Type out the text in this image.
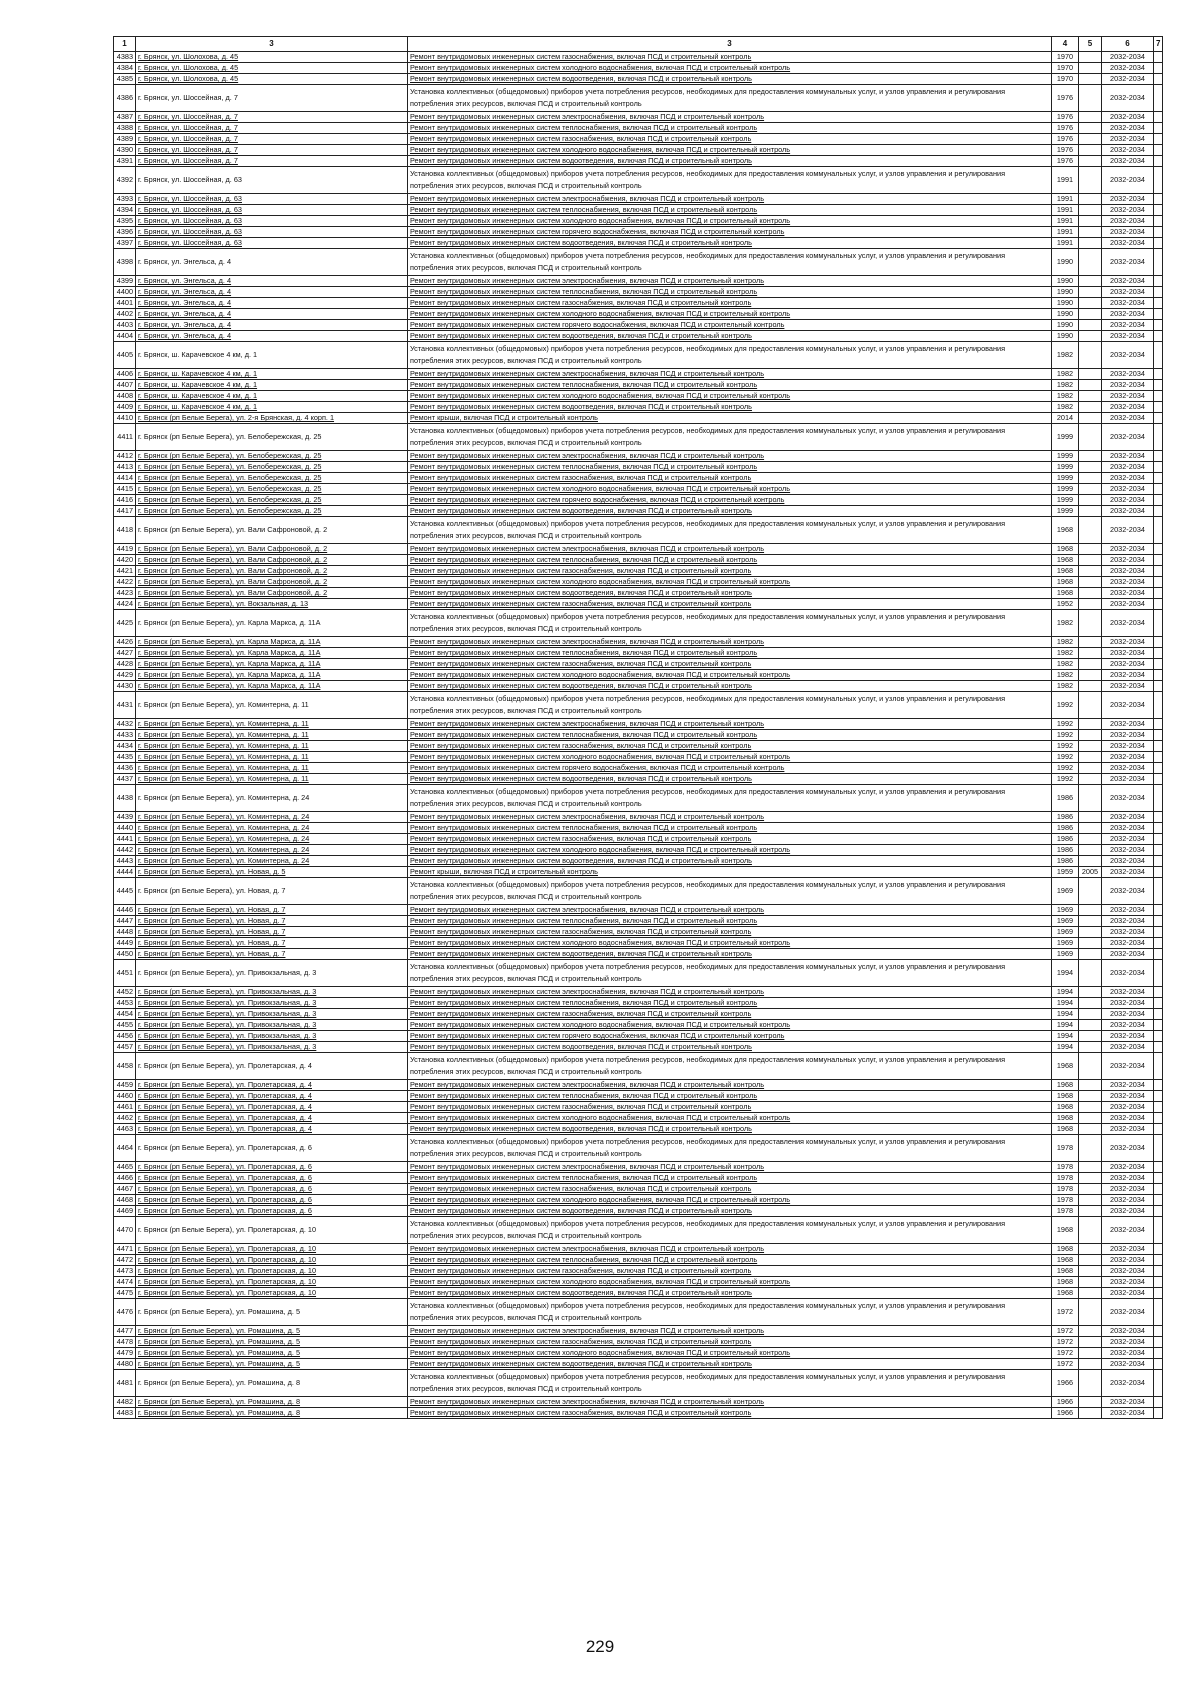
1	3	3	4	5	6	7
4383	г. Брянск, ул. Шолохова, д. 45	Ремонт внутридомовых инженерных систем газоснабжения, включая ПСД и строительный контроль	1970		2032-2034	
4384	г. Брянск, ул. Шолохова, д. 45	Ремонт внутридомовых инженерных систем холодного водоснабжения, включая ПСД и строительный контроль	1970		2032-2034	
4385	г. Брянск, ул. Шолохова, д. 45	Ремонт внутридомовых инженерных систем водоотведения, включая ПСД и строительный контроль	1970		2032-2034	
4386	г. Брянск, ул. Шоссейная, д. 7	Установка коллективных (общедомовых) приборов учета потребления ресурсов, необходимых для предоставления коммунальных услуг, и узлов управления и регулирования потребления этих ресурсов, включая ПСД и строительный контроль	1976		2032-2034	
4387	г. Брянск, ул. Шоссейная, д. 7	Ремонт внутридомовых инженерных систем электроснабжения, включая ПСД и строительный контроль	1976		2032-2034	
4388	г. Брянск, ул. Шоссейная, д. 7	Ремонт внутридомовых инженерных систем теплоснабжения, включая ПСД и строительный контроль	1976		2032-2034	
4389	г. Брянск, ул. Шоссейная, д. 7	Ремонт внутридомовых инженерных систем газоснабжения, включая ПСД и строительный контроль	1976		2032-2034	
4390	г. Брянск, ул. Шоссейная, д. 7	Ремонт внутридомовых инженерных систем холодного водоснабжения, включая ПСД и строительный контроль	1976		2032-2034	
4391	г. Брянск, ул. Шоссейная, д. 7	Ремонт внутридомовых инженерных систем водоотведения, включая ПСД и строительный контроль	1976		2032-2034	
4392	г. Брянск, ул. Шоссейная, д. 63	Установка коллективных (общедомовых) приборов учета потребления ресурсов, необходимых для предоставления коммунальных услуг, и узлов управления и регулирования потребления этих ресурсов, включая ПСД и строительный контроль	1991		2032-2034	
4393	г. Брянск, ул. Шоссейная, д. 63	Ремонт внутридомовых инженерных систем электроснабжения, включая ПСД и строительный контроль	1991		2032-2034	
4394	г. Брянск, ул. Шоссейная, д. 63	Ремонт внутридомовых инженерных систем теплоснабжения, включая ПСД и строительный контроль	1991		2032-2034	
4395	г. Брянск, ул. Шоссейная, д. 63	Ремонт внутридомовых инженерных систем холодного водоснабжения, включая ПСД и строительный контроль	1991		2032-2034	
4396	г. Брянск, ул. Шоссейная, д. 63	Ремонт внутридомовых инженерных систем горячего водоснабжения, включая ПСД и строительный контроль	1991		2032-2034	
4397	г. Брянск, ул. Шоссейная, д. 63	Ремонт внутридомовых инженерных систем водоотведения, включая ПСД и строительный контроль	1991		2032-2034	
4398	г. Брянск, ул. Энгельса, д. 4	Установка коллективных (общедомовых) приборов учета потребления ресурсов, необходимых для предоставления коммунальных услуг, и узлов управления и регулирования потребления этих ресурсов, включая ПСД и строительный контроль	1990		2032-2034	
4399	г. Брянск, ул. Энгельса, д. 4	Ремонт внутридомовых инженерных систем электроснабжения, включая ПСД и строительный контроль	1990		2032-2034	
4400	г. Брянск, ул. Энгельса, д. 4	Ремонт внутридомовых инженерных систем теплоснабжения, включая ПСД и строительный контроль	1990		2032-2034	
4401	г. Брянск, ул. Энгельса, д. 4	Ремонт внутридомовых инженерных систем газоснабжения, включая ПСД и строительный контроль	1990		2032-2034	
4402	г. Брянск, ул. Энгельса, д. 4	Ремонт внутридомовых инженерных систем холодного водоснабжения, включая ПСД и строительный контроль	1990		2032-2034	
4403	г. Брянск, ул. Энгельса, д. 4	Ремонт внутридомовых инженерных систем горячего водоснабжения, включая ПСД и строительный контроль	1990		2032-2034	
4404	г. Брянск, ул. Энгельса, д. 4	Ремонт внутридомовых инженерных систем водоотведения, включая ПСД и строительный контроль	1990		2032-2034	
4405	г. Брянск, ш. Карачевское 4 км, д. 1	Установка коллективных (общедомовых) приборов учета потребления ресурсов, необходимых для предоставления коммунальных услуг, и узлов управления и регулирования потребления этих ресурсов, включая ПСД и строительный контроль	1982		2032-2034	
4406	г. Брянск, ш. Карачевское 4 км, д. 1	Ремонт внутридомовых инженерных систем электроснабжения, включая ПСД и строительный контроль	1982		2032-2034	
4407	г. Брянск, ш. Карачевское 4 км, д. 1	Ремонт внутридомовых инженерных систем теплоснабжения, включая ПСД и строительный контроль	1982		2032-2034	
4408	г. Брянск, ш. Карачевское 4 км, д. 1	Ремонт внутридомовых инженерных систем холодного водоснабжения, включая ПСД и строительный контроль	1982		2032-2034	
4409	г. Брянск, ш. Карачевское 4 км, д. 1	Ремонт внутридомовых инженерных систем водоотведения, включая ПСД и строительный контроль	1982		2032-2034	
4410	г. Брянск (рп Белые Берега), ул. 2-я Брянская, д. 4 корп. 1	Ремонт крыши, включая ПСД и строительный контроль	2014		2032-2034	
4411	г. Брянск (рп Белые Берега), ул. Белобережская, д. 25	Установка коллективных (общедомовых) приборов учета потребления ресурсов, необходимых для предоставления коммунальных услуг, и узлов управления и регулирования потребления этих ресурсов, включая ПСД и строительный контроль	1999		2032-2034	
4412	г. Брянск (рп Белые Берега), ул. Белобережская, д. 25	Ремонт внутридомовых инженерных систем электроснабжения, включая ПСД и строительный контроль	1999		2032-2034	
4413	г. Брянск (рп Белые Берега), ул. Белобережская, д. 25	Ремонт внутридомовых инженерных систем теплоснабжения, включая ПСД и строительный контроль	1999		2032-2034	
4414	г. Брянск (рп Белые Берега), ул. Белобережская, д. 25	Ремонт внутридомовых инженерных систем газоснабжения, включая ПСД и строительный контроль	1999		2032-2034	
4415	г. Брянск (рп Белые Берега), ул. Белобережская, д. 25	Ремонт внутридомовых инженерных систем холодного водоснабжения, включая ПСД и строительный контроль	1999		2032-2034	
4416	г. Брянск (рп Белые Берега), ул. Белобережская, д. 25	Ремонт внутридомовых инженерных систем горячего водоснабжения, включая ПСД и строительный контроль	1999		2032-2034	
4417	г. Брянск (рп Белые Берега), ул. Белобережская, д. 25	Ремонт внутридомовых инженерных систем водоотведения, включая ПСД и строительный контроль	1999		2032-2034	
4418	г. Брянск (рп Белые Берега), ул. Вали Сафроновой, д. 2	Установка коллективных (общедомовых) приборов учета потребления ресурсов, необходимых для предоставления коммунальных услуг, и узлов управления и регулирования потребления этих ресурсов, включая ПСД и строительный контроль	1968		2032-2034	
4419	г. Брянск (рп Белые Берега), ул. Вали Сафроновой, д. 2	Ремонт внутридомовых инженерных систем электроснабжения, включая ПСД и строительный контроль	1968		2032-2034	
4420	г. Брянск (рп Белые Берега), ул. Вали Сафроновой, д. 2	Ремонт внутридомовых инженерных систем теплоснабжения, включая ПСД и строительный контроль	1968		2032-2034	
4421	г. Брянск (рп Белые Берега), ул. Вали Сафроновой, д. 2	Ремонт внутридомовых инженерных систем газоснабжения, включая ПСД и строительный контроль	1968		2032-2034	
4422	г. Брянск (рп Белые Берега), ул. Вали Сафроновой, д. 2	Ремонт внутридомовых инженерных систем холодного водоснабжения, включая ПСД и строительный контроль	1968		2032-2034	
4423	г. Брянск (рп Белые Берега), ул. Вали Сафроновой, д. 2	Ремонт внутридомовых инженерных систем водоотведения, включая ПСД и строительный контроль	1968		2032-2034	
4424	г. Брянск (рп Белые Берега), ул. Вокзальная, д. 13	Ремонт внутридомовых инженерных систем газоснабжения, включая ПСД и строительный контроль	1952		2032-2034	
4425	г. Брянск (рп Белые Берега), ул. Карла Маркса, д. 11А	Установка коллективных (общедомовых) приборов учета потребления ресурсов, необходимых для предоставления коммунальных услуг, и узлов управления и регулирования потребления этих ресурсов, включая ПСД и строительный контроль	1982		2032-2034	
4426	г. Брянск (рп Белые Берега), ул. Карла Маркса, д. 11А	Ремонт внутридомовых инженерных систем электроснабжения, включая ПСД и строительный контроль	1982		2032-2034	
4427	г. Брянск (рп Белые Берега), ул. Карла Маркса, д. 11А	Ремонт внутридомовых инженерных систем теплоснабжения, включая ПСД и строительный контроль	1982		2032-2034	
4428	г. Брянск (рп Белые Берега), ул. Карла Маркса, д. 11А	Ремонт внутридомовых инженерных систем газоснабжения, включая ПСД и строительный контроль	1982		2032-2034	
4429	г. Брянск (рп Белые Берега), ул. Карла Маркса, д. 11А	Ремонт внутридомовых инженерных систем холодного водоснабжения, включая ПСД и строительный контроль	1982		2032-2034	
4430	г. Брянск (рп Белые Берега), ул. Карла Маркса, д. 11А	Ремонт внутридомовых инженерных систем водоотведения, включая ПСД и строительный контроль	1982		2032-2034	
4431	г. Брянск (рп Белые Берега), ул. Коминтерна, д. 11	Установка коллективных (общедомовых) приборов учета потребления ресурсов, необходимых для предоставления коммунальных услуг, и узлов управления и регулирования потребления этих ресурсов, включая ПСД и строительный контроль	1992		2032-2034	
4432	г. Брянск (рп Белые Берега), ул. Коминтерна, д. 11	Ремонт внутридомовых инженерных систем электроснабжения, включая ПСД и строительный контроль	1992		2032-2034	
4433	г. Брянск (рп Белые Берега), ул. Коминтерна, д. 11	Ремонт внутридомовых инженерных систем теплоснабжения, включая ПСД и строительный контроль	1992		2032-2034	
4434	г. Брянск (рп Белые Берега), ул. Коминтерна, д. 11	Ремонт внутридомовых инженерных систем газоснабжения, включая ПСД и строительный контроль	1992		2032-2034	
4435	г. Брянск (рп Белые Берега), ул. Коминтерна, д. 11	Ремонт внутридомовых инженерных систем холодного водоснабжения, включая ПСД и строительный контроль	1992		2032-2034	
4436	г. Брянск (рп Белые Берега), ул. Коминтерна, д. 11	Ремонт внутридомовых инженерных систем горячего водоснабжения, включая ПСД и строительный контроль	1992		2032-2034	
4437	г. Брянск (рп Белые Берега), ул. Коминтерна, д. 11	Ремонт внутридомовых инженерных систем водоотведения, включая ПСД и строительный контроль	1992		2032-2034	
4438	г. Брянск (рп Белые Берега), ул. Коминтерна, д. 24	Установка коллективных (общедомовых) приборов учета потребления ресурсов, необходимых для предоставления коммунальных услуг, и узлов управления и регулирования потребления этих ресурсов, включая ПСД и строительный контроль	1986		2032-2034	
4439	г. Брянск (рп Белые Берега), ул. Коминтерна, д. 24	Ремонт внутридомовых инженерных систем электроснабжения, включая ПСД и строительный контроль	1986		2032-2034	
4440	г. Брянск (рп Белые Берега), ул. Коминтерна, д. 24	Ремонт внутридомовых инженерных систем теплоснабжения, включая ПСД и строительный контроль	1986		2032-2034	
4441	г. Брянск (рп Белые Берега), ул. Коминтерна, д. 24	Ремонт внутридомовых инженерных систем газоснабжения, включая ПСД и строительный контроль	1986		2032-2034	
4442	г. Брянск (рп Белые Берега), ул. Коминтерна, д. 24	Ремонт внутридомовых инженерных систем холодного водоснабжения, включая ПСД и строительный контроль	1986		2032-2034	
4443	г. Брянск (рп Белые Берега), ул. Коминтерна, д. 24	Ремонт внутридомовых инженерных систем водоотведения, включая ПСД и строительный контроль	1986		2032-2034	
4444	г. Брянск (рп Белые Берега), ул. Новая, д. 5	Ремонт крыши, включая ПСД и строительный контроль	1959	2005	2032-2034	
4445	г. Брянск (рп Белые Берега), ул. Новая, д. 7	Установка коллективных (общедомовых) приборов учета потребления ресурсов, необходимых для предоставления коммунальных услуг, и узлов управления и регулирования потребления этих ресурсов, включая ПСД и строительный контроль	1969		2032-2034	
4446	г. Брянск (рп Белые Берега), ул. Новая, д. 7	Ремонт внутридомовых инженерных систем электроснабжения, включая ПСД и строительный контроль	1969		2032-2034	
4447	г. Брянск (рп Белые Берега), ул. Новая, д. 7	Ремонт внутридомовых инженерных систем теплоснабжения, включая ПСД и строительный контроль	1969		2032-2034	
4448	г. Брянск (рп Белые Берега), ул. Новая, д. 7	Ремонт внутридомовых инженерных систем газоснабжения, включая ПСД и строительный контроль	1969		2032-2034	
4449	г. Брянск (рп Белые Берега), ул. Новая, д. 7	Ремонт внутридомовых инженерных систем холодного водоснабжения, включая ПСД и строительный контроль	1969		2032-2034	
4450	г. Брянск (рп Белые Берега), ул. Новая, д. 7	Ремонт внутридомовых инженерных систем водоотведения, включая ПСД и строительный контроль	1969		2032-2034	
4451	г. Брянск (рп Белые Берега), ул. Привокзальная, д. 3	Установка коллективных (общедомовых) приборов учета потребления ресурсов, необходимых для предоставления коммунальных услуг, и узлов управления и регулирования потребления этих ресурсов, включая ПСД и строительный контроль	1994		2032-2034	
4452	г. Брянск (рп Белые Берега), ул. Привокзальная, д. 3	Ремонт внутридомовых инженерных систем электроснабжения, включая ПСД и строительный контроль	1994		2032-2034	
4453	г. Брянск (рп Белые Берега), ул. Привокзальная, д. 3	Ремонт внутридомовых инженерных систем теплоснабжения, включая ПСД и строительный контроль	1994		2032-2034	
4454	г. Брянск (рп Белые Берега), ул. Привокзальная, д. 3	Ремонт внутридомовых инженерных систем газоснабжения, включая ПСД и строительный контроль	1994		2032-2034	
4455	г. Брянск (рп Белые Берега), ул. Привокзальная, д. 3	Ремонт внутридомовых инженерных систем холодного водоснабжения, включая ПСД и строительный контроль	1994		2032-2034	
4456	г. Брянск (рп Белые Берега), ул. Привокзальная, д. 3	Ремонт внутридомовых инженерных систем горячего водоснабжения, включая ПСД и строительный контроль	1994		2032-2034	
4457	г. Брянск (рп Белые Берега), ул. Привокзальная, д. 3	Ремонт внутридомовых инженерных систем водоотведения, включая ПСД и строительный контроль	1994		2032-2034	
4458	г. Брянск (рп Белые Берега), ул. Пролетарская, д. 4	Установка коллективных (общедомовых) приборов учета потребления ресурсов, необходимых для предоставления коммунальных услуг, и узлов управления и регулирования потребления этих ресурсов, включая ПСД и строительный контроль	1968		2032-2034	
4459	г. Брянск (рп Белые Берега), ул. Пролетарская, д. 4	Ремонт внутридомовых инженерных систем электроснабжения, включая ПСД и строительный контроль	1968		2032-2034	
4460	г. Брянск (рп Белые Берега), ул. Пролетарская, д. 4	Ремонт внутридомовых инженерных систем теплоснабжения, включая ПСД и строительный контроль	1968		2032-2034	
4461	г. Брянск (рп Белые Берега), ул. Пролетарская, д. 4	Ремонт внутридомовых инженерных систем газоснабжения, включая ПСД и строительный контроль	1968		2032-2034	
4462	г. Брянск (рп Белые Берега), ул. Пролетарская, д. 4	Ремонт внутридомовых инженерных систем холодного водоснабжения, включая ПСД и строительный контроль	1968		2032-2034	
4463	г. Брянск (рп Белые Берега), ул. Пролетарская, д. 4	Ремонт внутридомовых инженерных систем водоотведения, включая ПСД и строительный контроль	1968		2032-2034	
4464	г. Брянск (рп Белые Берега), ул. Пролетарская, д. 6	Установка коллективных (общедомовых) приборов учета потребления ресурсов, необходимых для предоставления коммунальных услуг, и узлов управления и регулирования потребления этих ресурсов, включая ПСД и строительный контроль	1978		2032-2034	
4465	г. Брянск (рп Белые Берега), ул. Пролетарская, д. 6	Ремонт внутридомовых инженерных систем электроснабжения, включая ПСД и строительный контроль	1978		2032-2034	
4466	г. Брянск (рп Белые Берега), ул. Пролетарская, д. 6	Ремонт внутридомовых инженерных систем теплоснабжения, включая ПСД и строительный контроль	1978		2032-2034	
4467	г. Брянск (рп Белые Берега), ул. Пролетарская, д. 6	Ремонт внутридомовых инженерных систем газоснабжения, включая ПСД и строительный контроль	1978		2032-2034	
4468	г. Брянск (рп Белые Берега), ул. Пролетарская, д. 6	Ремонт внутридомовых инженерных систем холодного водоснабжения, включая ПСД и строительный контроль	1978		2032-2034	
4469	г. Брянск (рп Белые Берега), ул. Пролетарская, д. 6	Ремонт внутридомовых инженерных систем водоотведения, включая ПСД и строительный контроль	1978		2032-2034	
4470	г. Брянск (рп Белые Берега), ул. Пролетарская, д. 10	Установка коллективных (общедомовых) приборов учета потребления ресурсов, необходимых для предоставления коммунальных услуг, и узлов управления и регулирования потребления этих ресурсов, включая ПСД и строительный контроль	1968		2032-2034	
4471	г. Брянск (рп Белые Берега), ул. Пролетарская, д. 10	Ремонт внутридомовых инженерных систем электроснабжения, включая ПСД и строительный контроль	1968		2032-2034	
4472	г. Брянск (рп Белые Берега), ул. Пролетарская, д. 10	Ремонт внутридомовых инженерных систем теплоснабжения, включая ПСД и строительный контроль	1968		2032-2034	
4473	г. Брянск (рп Белые Берега), ул. Пролетарская, д. 10	Ремонт внутридомовых инженерных систем газоснабжения, включая ПСД и строительный контроль	1968		2032-2034	
4474	г. Брянск (рп Белые Берега), ул. Пролетарская, д. 10	Ремонт внутридомовых инженерных систем холодного водоснабжения, включая ПСД и строительный контроль	1968		2032-2034	
4475	г. Брянск (рп Белые Берега), ул. Пролетарская, д. 10	Ремонт внутридомовых инженерных систем водоотведения, включая ПСД и строительный контроль	1968		2032-2034	
4476	г. Брянск (рп Белые Берега), ул. Ромашина, д. 5	Установка коллективных (общедомовых) приборов учета потребления ресурсов, необходимых для предоставления коммунальных услуг, и узлов управления и регулирования потребления этих ресурсов, включая ПСД и строительный контроль	1972		2032-2034	
4477	г. Брянск (рп Белые Берега), ул. Ромашина, д. 5	Ремонт внутридомовых инженерных систем электроснабжения, включая ПСД и строительный контроль	1972		2032-2034	
4478	г. Брянск (рп Белые Берега), ул. Ромашина, д. 5	Ремонт внутридомовых инженерных систем газоснабжения, включая ПСД и строительный контроль	1972		2032-2034	
4479	г. Брянск (рп Белые Берега), ул. Ромашина, д. 5	Ремонт внутридомовых инженерных систем холодного водоснабжения, включая ПСД и строительный контроль	1972		2032-2034	
4480	г. Брянск (рп Белые Берега), ул. Ромашина, д. 5	Ремонт внутридомовых инженерных систем водоотведения, включая ПСД и строительный контроль	1972		2032-2034	
4481	г. Брянск (рп Белые Берега), ул. Ромашина, д. 8	Установка коллективных (общедомовых) приборов учета потребления ресурсов, необходимых для предоставления коммунальных услуг, и узлов управления и регулирования потребления этих ресурсов, включая ПСД и строительный контроль	1966		2032-2034	
4482	г. Брянск (рп Белые Берега), ул. Ромашина, д. 8	Ремонт внутридомовых инженерных систем электроснабжения, включая ПСД и строительный контроль	1966		2032-2034	
4483	г. Брянск (рп Белые Берега), ул. Ромашина, д. 8	Ремонт внутридомовых инженерных систем газоснабжения, включая ПСД и строительный контроль	1966		2032-2034	
229
